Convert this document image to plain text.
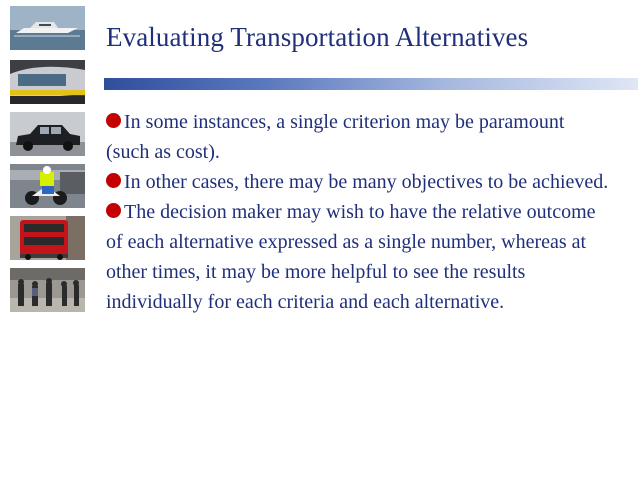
Evaluating Transportation Alternatives

In some instances, a single criterion may be paramount (such as cost).

In other cases, there may be many objectives to be achieved.

The decision maker may wish to have the relative outcome of each alternative expressed as a single number, whereas at other times, it may be more helpful to see the results individually for each criteria and each alternative.
